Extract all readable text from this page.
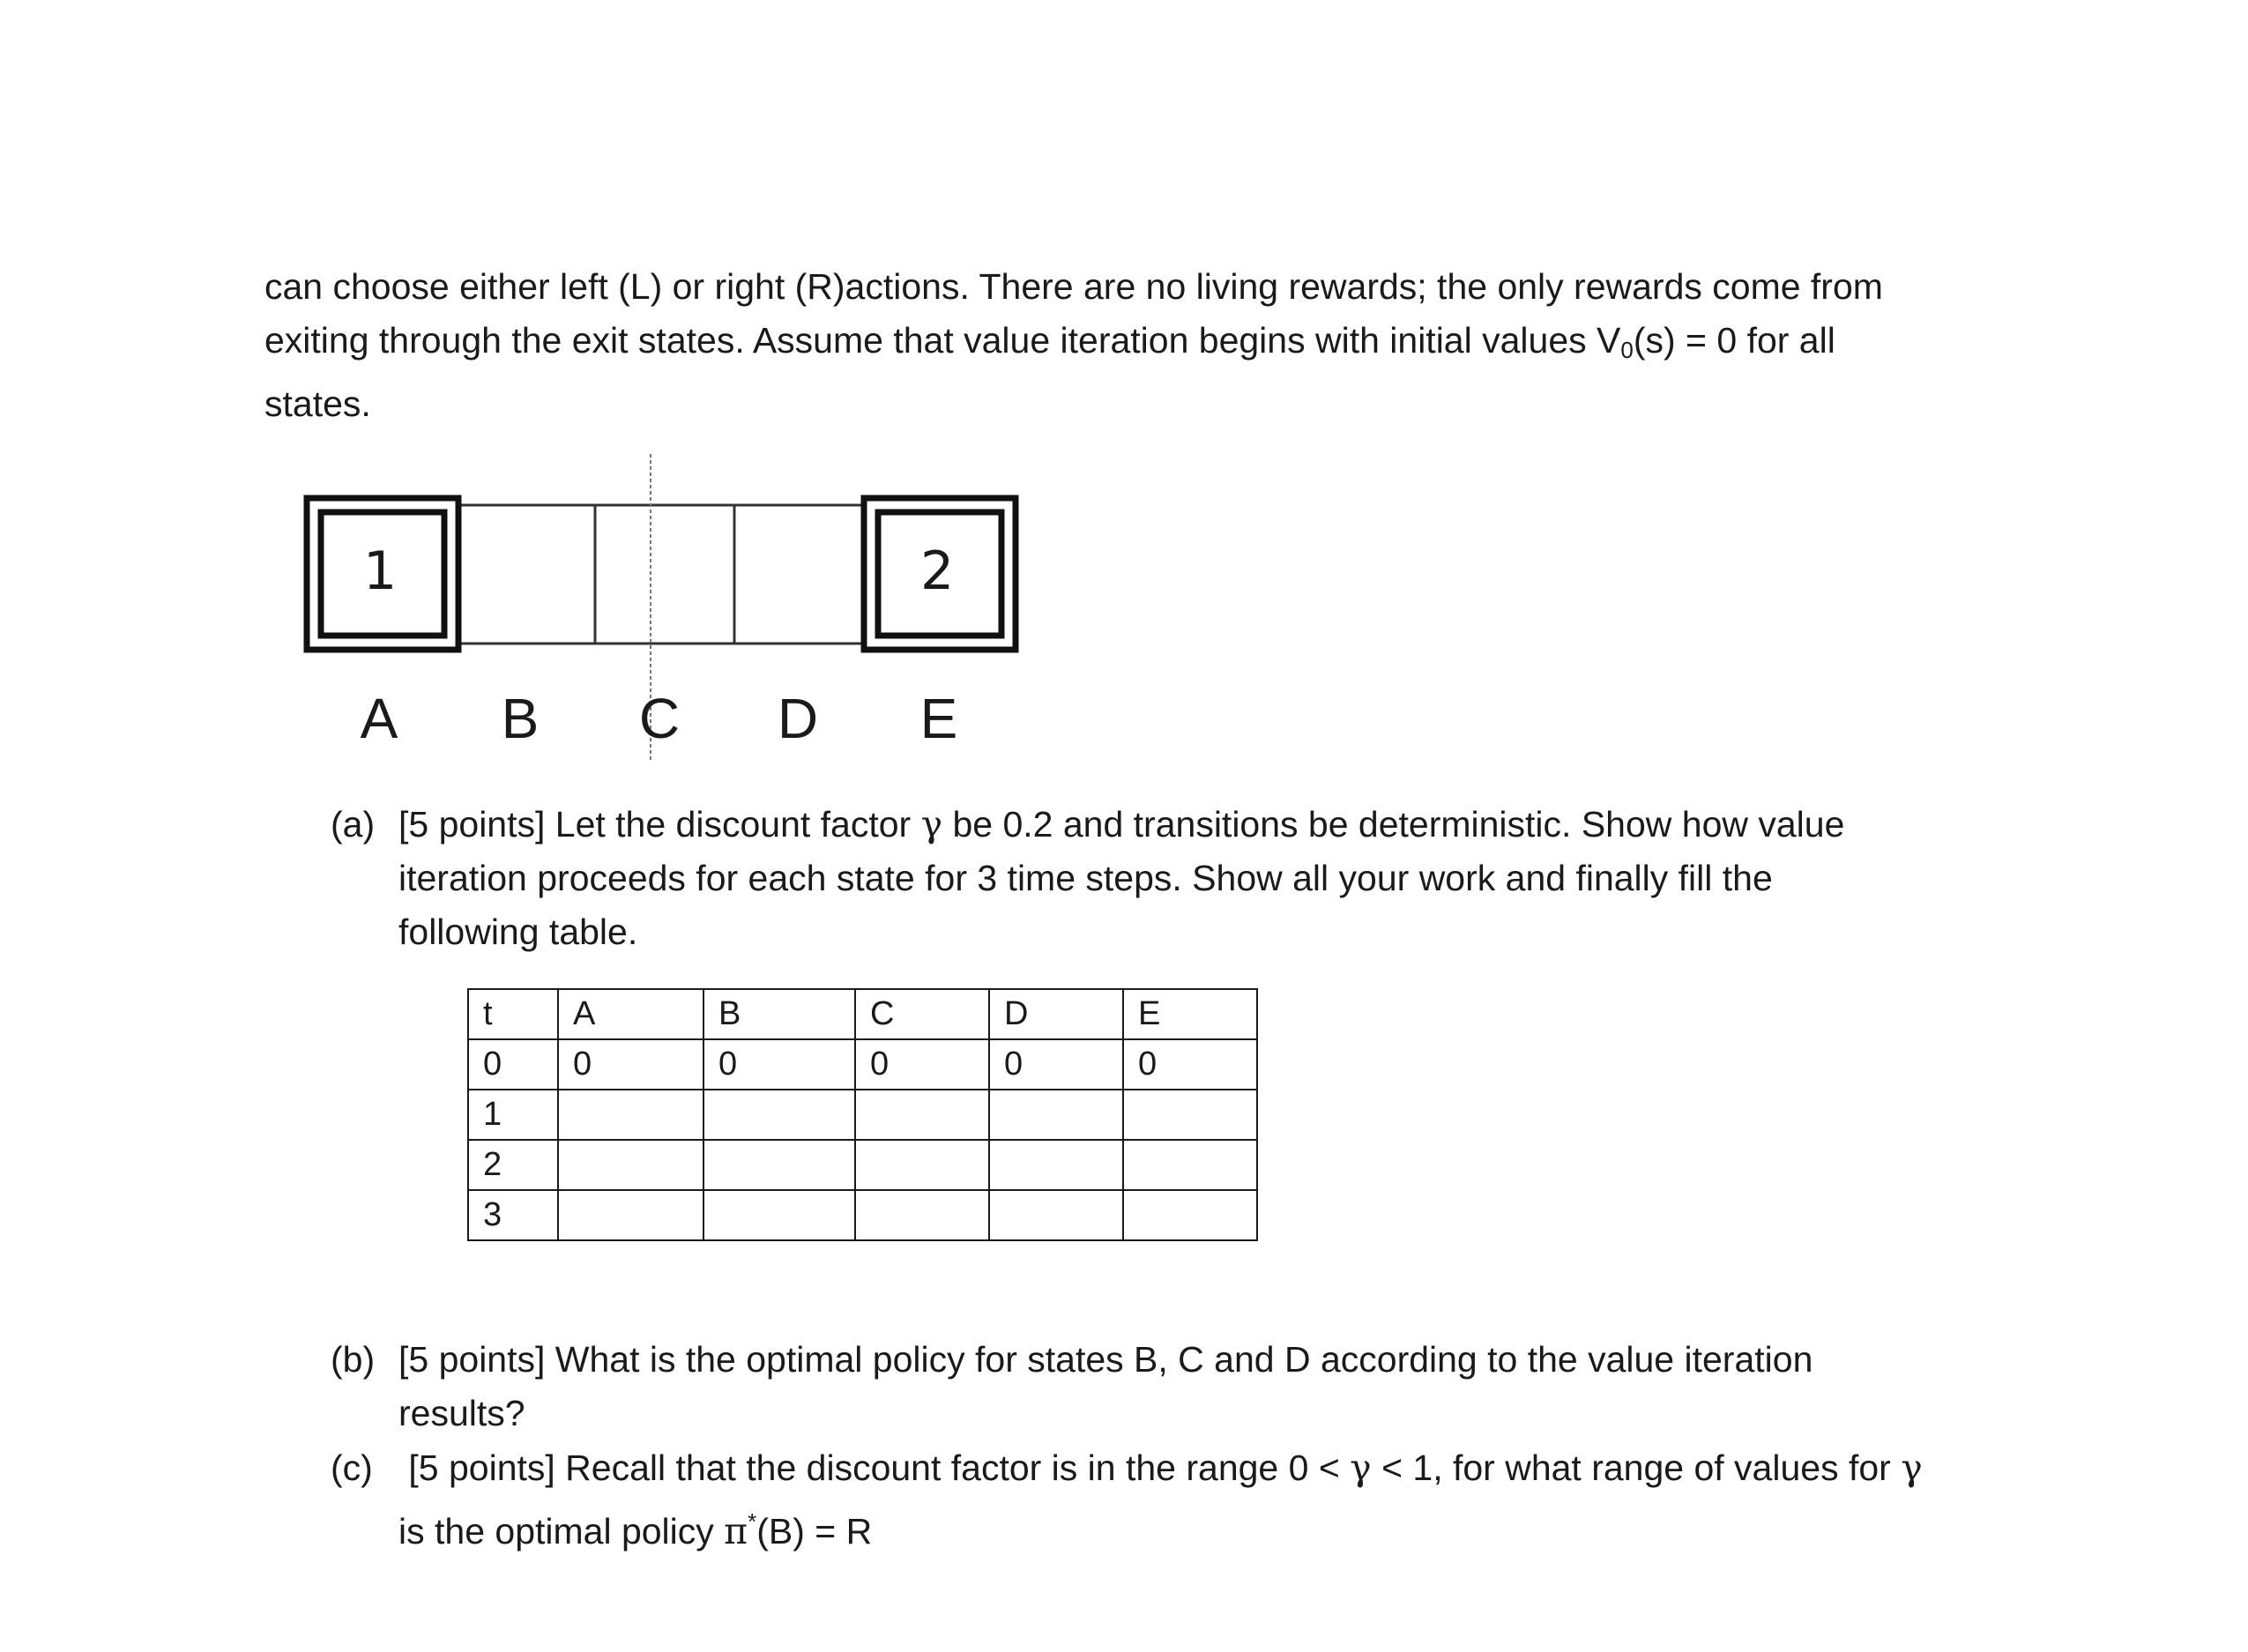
can choose either left (L) or right (R)actions. There are no living rewards; the only rewards come from
exiting through the exit states. Assume that value iteration begins with initial values $V_0(s) = 0$ for all
states.
1	2
A B C D E
(a) [5 points] Let the discount factor γ be 0.2 and transitions be deterministic. Show how value
iteration proceeds for each state for 3 time steps. Show all your work and finally fill the
following table.
t	A	B	C	D	E
0	0	0	0	0	0
1					
2					
3					
(b) [5 points] What is the optimal policy for states B, C and D according to the value iteration
results?
(c) [5 points] Recall that the discount factor is in the range 0 < γ < 1, for what range of values for γ
is the optimal policy π*(B) = R
